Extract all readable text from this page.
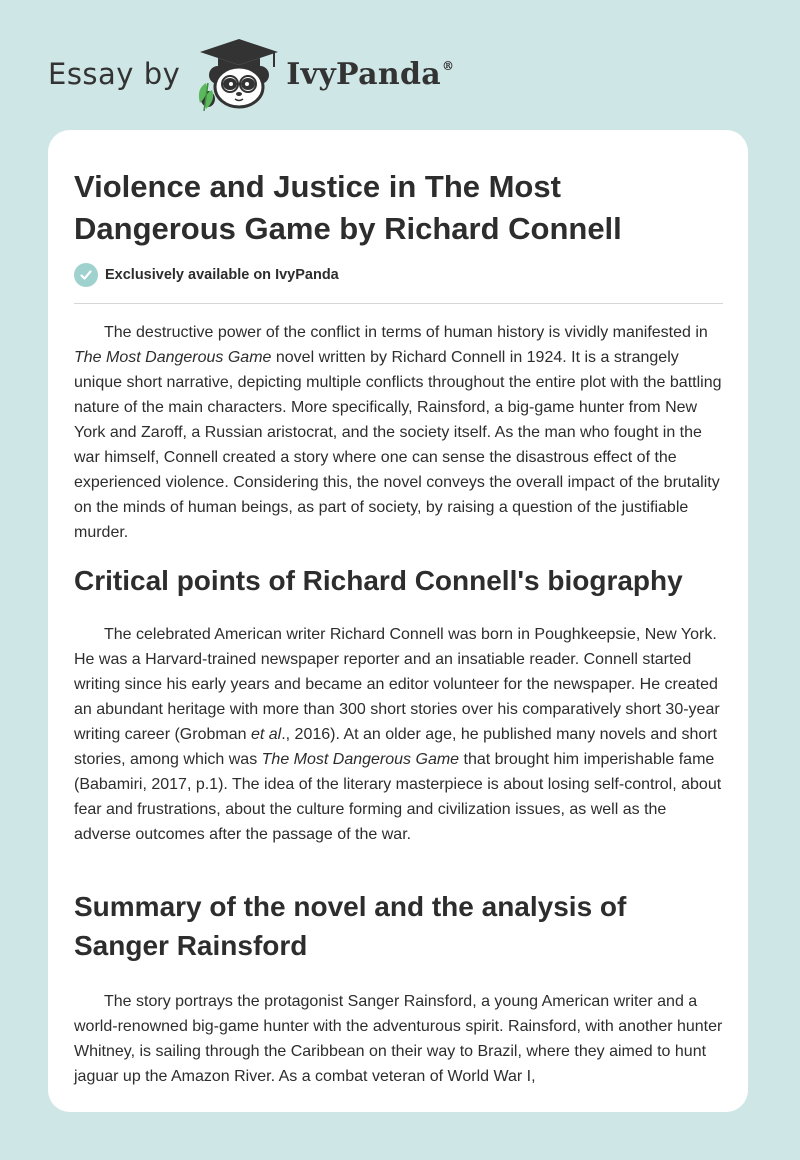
Essay by	IvyPanda®
Violence and Justice in The Most Dangerous Game by Richard Connell
Exclusively available on IvyPanda

The destructive power of the conflict in terms of human history is vividly manifested in The Most Dangerous Game novel written by Richard Connell in 1924. It is a strangely unique short narrative, depicting multiple conflicts throughout the entire plot with the battling nature of the main characters. More specifically, Rainsford, a big-game hunter from New York and Zaroff, a Russian aristocrat, and the society itself. As the man who fought in the war himself, Connell created a story where one can sense the disastrous effect of the experienced violence. Considering this, the novel conveys the overall impact of the brutality on the minds of human beings, as part of society, by raising a question of the justifiable murder.

Critical points of Richard Connell's biography

The celebrated American writer Richard Connell was born in Poughkeepsie, New York. He was a Harvard-trained newspaper reporter and an insatiable reader. Connell started writing since his early years and became an editor volunteer for the newspaper. He created an abundant heritage with more than 300 short stories over his comparatively short 30-year writing career (Grobman et al., 2016). At an older age, he published many novels and short stories, among which was The Most Dangerous Game that brought him imperishable fame (Babamiri, 2017, p.1). The idea of the literary masterpiece is about losing self-control, about fear and frustrations, about the culture forming and civilization issues, as well as the adverse outcomes after the passage of the war.

Summary of the novel and the analysis of Sanger Rainsford

The story portrays the protagonist Sanger Rainsford, a young American writer and a world-renowned big-game hunter with the adventurous spirit. Rainsford, with another hunter Whitney, is sailing through the Caribbean on their way to Brazil, where they aimed to hunt jaguar up the Amazon River. As a combat veteran of World War I,
